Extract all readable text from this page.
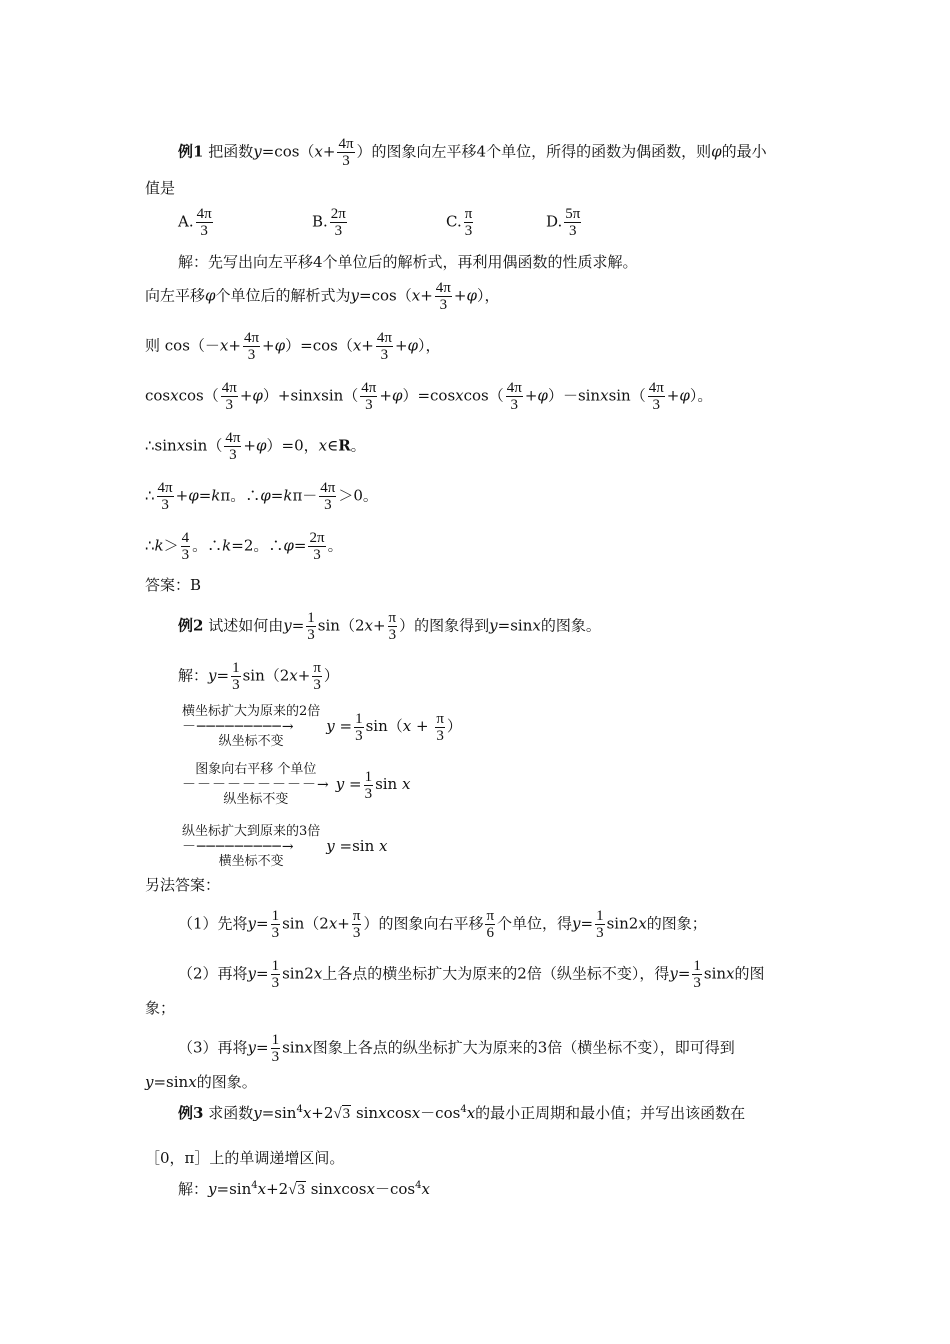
例1 把函数$y=\cos(x+ \frac{4\pi}{3}$ ）的图象向左平移4个单位，所得的函数为偶函数，则φ的最小
值是
A. $\frac{4\pi}{3}$	B. $\frac{2\pi}{3}$	C. $\frac{\pi}{3}$	D. $\frac{5\pi}{3}$
解：先写出向左平移4个单位后的解析式，再利用偶函数的性质求解。
向左平移φ个单位后的解析式为$y=\cos(x+ \frac{4\pi}{3} +\varphi)$，
则 $\cos(-x+ \frac{4\pi}{3} +\varphi)=\cos(x+ \frac{4\pi}{3} +\varphi)$，
cosxcos（ $\frac{4\pi}{3}$ +φ）+sinxsin（ $\frac{4\pi}{3}$ +φ）=cosxcos（ $\frac{4\pi}{3}$ +φ）－sinxsin（ $\frac{4\pi}{3} +\varphi$）。
∴sinxsin（ $\frac{4\pi}{3} +\varphi)=0$，x∈R。
∴ $\frac{4\pi}{3} +\varphi=k\pi$。∴φ=kπ－ $\frac{4\pi}{3} >0$。
∴k＞ $\frac{4}{3}$ 。∴k=2。∴φ= $\frac{2\pi}{3}$ 。
答案：B
例2 试述如何由$y= \frac{1}{3} \sin(2x+ \frac{\pi}{3}$ ）的图象得到y=sinx的图象。
解：$y= \frac{1}{3} \sin(2x+ \frac{\pi}{3}$ ）
横坐标扩大为原来的2倍
－─────────→
纵坐标不变
$y = \frac{1}{3} \sin(x + \frac{\pi}{3}$ ）
图象向右平移 个单位
－－－－－－－－－→
纵坐标不变
$y = \frac{1}{3}$ sin x
纵坐标扩大到原来的3倍
－─────────→
横坐标不变
y =sin x
另法答案：
（1）先将$y= \frac{1}{3} \sin(2x+ \frac{\pi}{3}$ ）的图象向右平移 $\frac{\pi}{6}$ 个单位，得$y= \frac{1}{3} \sin 2x$的图象；
（2）再将$y= \frac{1}{3} \sin 2x$上各点的横坐标扩大为原来的2倍（纵坐标不变），得$y= \frac{1}{3}$ sinx的图
象；
（3）再将$y= \frac{1}{3}$ sinx图象上各点的纵坐标扩大为原来的3倍（横坐标不变），即可得到
y=sinx的图象。
例3 求函数$y=\sin^4x+2√3$ $sinxcosx-\cos^4x$的最小正周期和最小值；并写出该函数在
［0，π］上的单调递增区间。
解：$y=\sin^4x+2√3$ $sinxcosx-\cos^4x$
